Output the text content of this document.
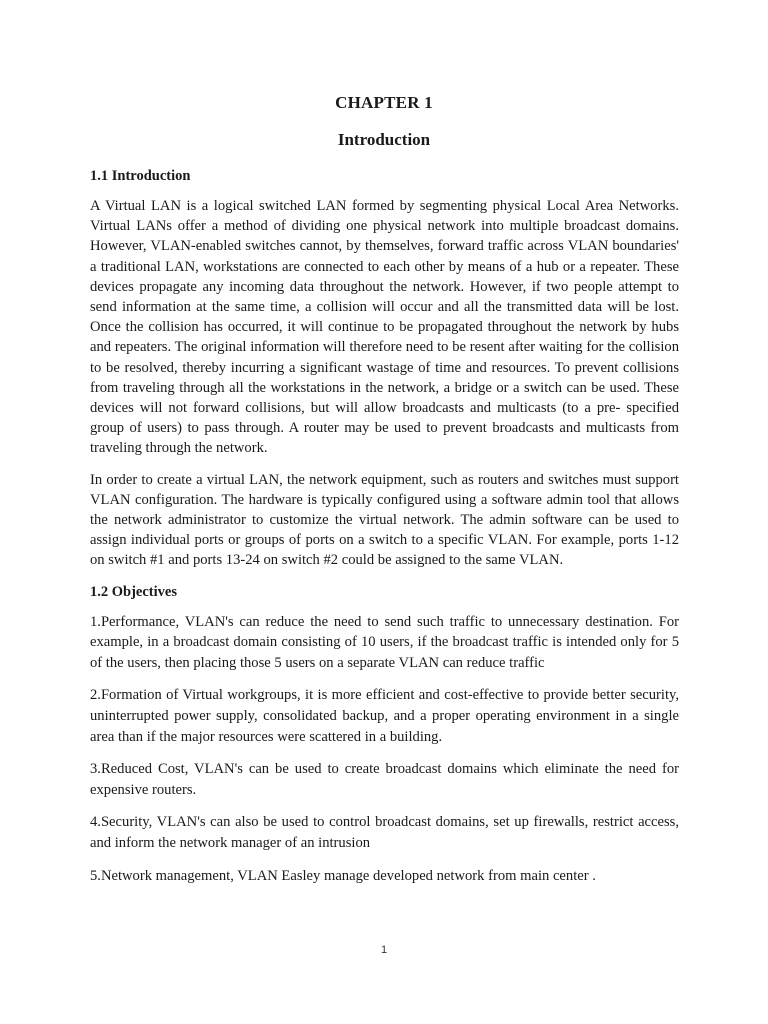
CHAPTER 1
Introduction
1.1 Introduction

A Virtual LAN is a logical switched LAN formed by segmenting physical Local Area Networks. Virtual LANs offer a method of dividing one physical network into multiple broadcast domains. However, VLAN-enabled switches cannot, by themselves, forward traffic across VLAN boundaries' a traditional LAN, workstations are connected to each other by means of a hub or a repeater. These devices propagate any incoming data throughout the network. However, if two people attempt to send information at the same time, a collision will occur and all the transmitted data will be lost. Once the collision has occurred, it will continue to be propagated throughout the network by hubs and repeaters. The original information will therefore need to be resent after waiting for the collision to be resolved, thereby incurring a significant wastage of time and resources. To prevent collisions from traveling through all the workstations in the network, a bridge or a switch can be used. These devices will not forward collisions, but will allow broadcasts and multicasts (to a pre- specified group of users) to pass through. A router may be used to prevent broadcasts and multicasts from traveling through the network.

In order to create a virtual LAN, the network equipment, such as routers and switches must support VLAN configuration. The hardware is typically configured using a software admin tool that allows the network administrator to customize the virtual network. The admin software can be used to assign individual ports or groups of ports on a switch to a specific VLAN. For example, ports 1-12 on switch #1 and ports 13-24 on switch #2 could be assigned to the same VLAN.

1.2 Objectives

1.Performance, VLAN's can reduce the need to send such traffic to unnecessary destination. For example, in a broadcast domain consisting of 10 users, if the broadcast traffic is intended only for 5 of the users, then placing those 5 users on a separate VLAN can reduce traffic

2.Formation of Virtual workgroups, it is more efficient and cost-effective to provide better security, uninterrupted power supply, consolidated backup, and a proper operating environment in a single area than if the major resources were scattered in a building.

3.Reduced Cost, VLAN's can be used to create broadcast domains which eliminate the need for expensive routers.

4.Security, VLAN's can also be used to control broadcast domains, set up firewalls, restrict access, and inform the network manager of an intrusion

5.Network management, VLAN Easley manage developed network from main center .

1
